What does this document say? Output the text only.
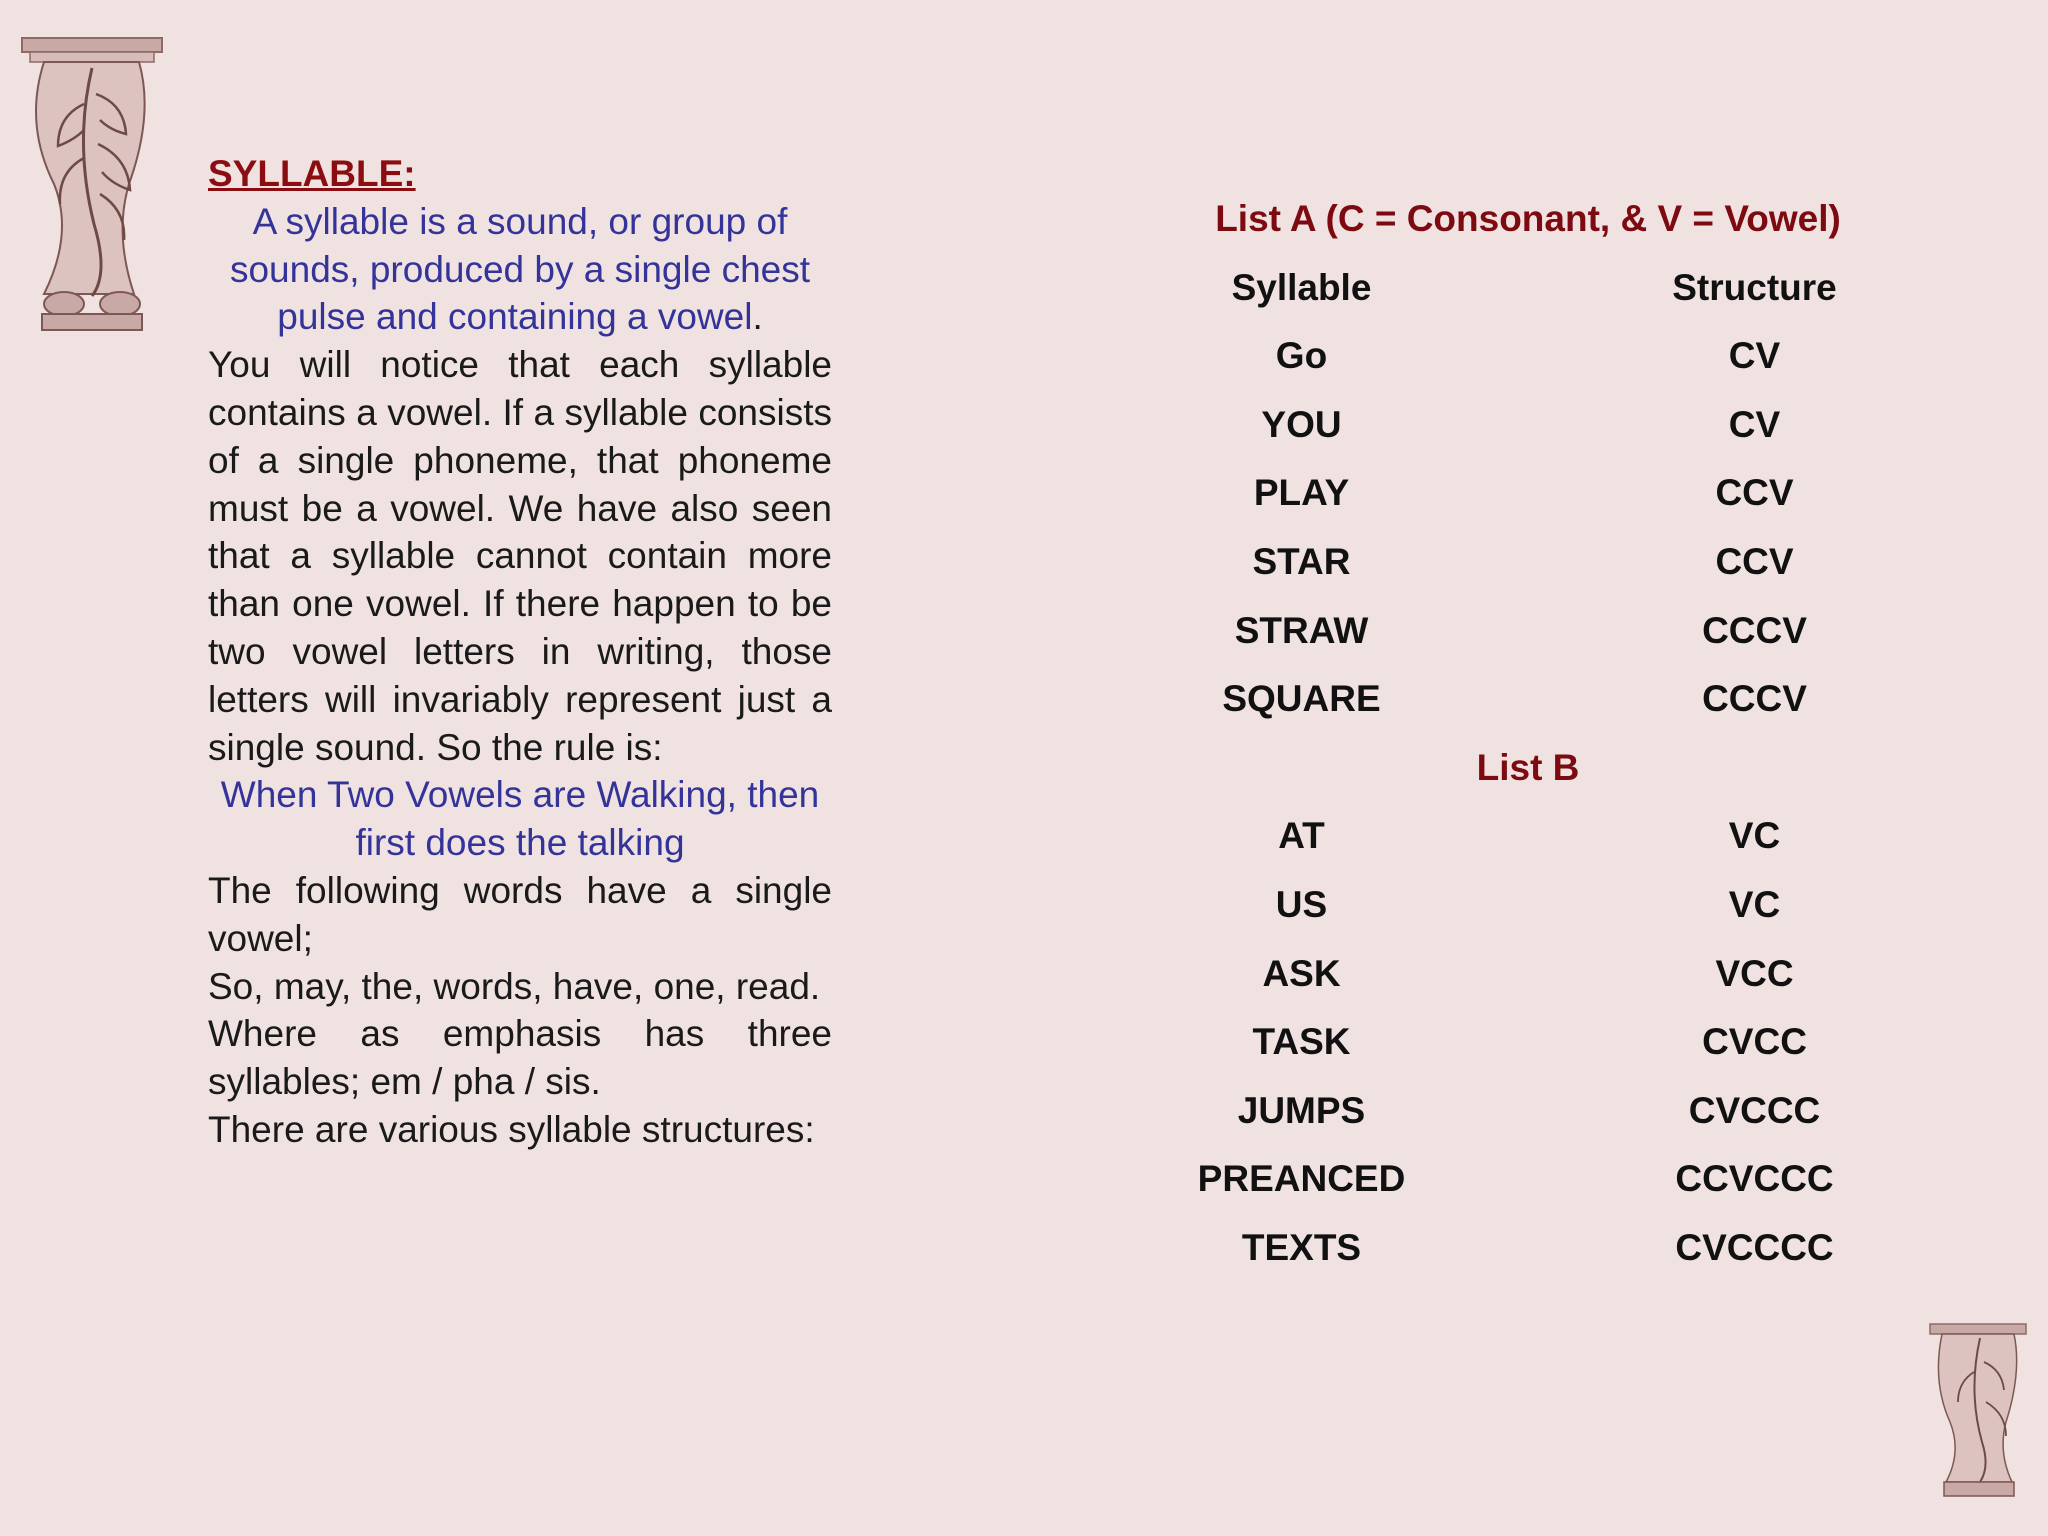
SYLLABLE:
A syllable is a sound, or group of sounds, produced by a single chest pulse and containing a vowel.
You will notice that each syllable contains a vowel. If a syllable consists of a single phoneme, that phoneme must be a vowel. We have also seen that a syllable cannot contain more than one vowel. If there happen to be two vowel letters in writing, those letters will invariably represent just a single sound. So the rule is:
When Two Vowels are Walking, then first does the talking
The following words have a single vowel;
So, may, the, words, have, one, read.
Where as emphasis has three syllables; em / pha / sis.
There are various syllable structures:
List A (C = Consonant, & V = Vowel)
Syllable	Structure
Go	CV
YOU	CV
PLAY	CCV
STAR	CCV
STRAW	CCCV
SQUARE	CCCV
List B
AT	VC
US	VC
ASK	VCC
TASK	CVCC
JUMPS	CVCCC
PREANCED	CCVCCC
TEXTS	CVCCCC
